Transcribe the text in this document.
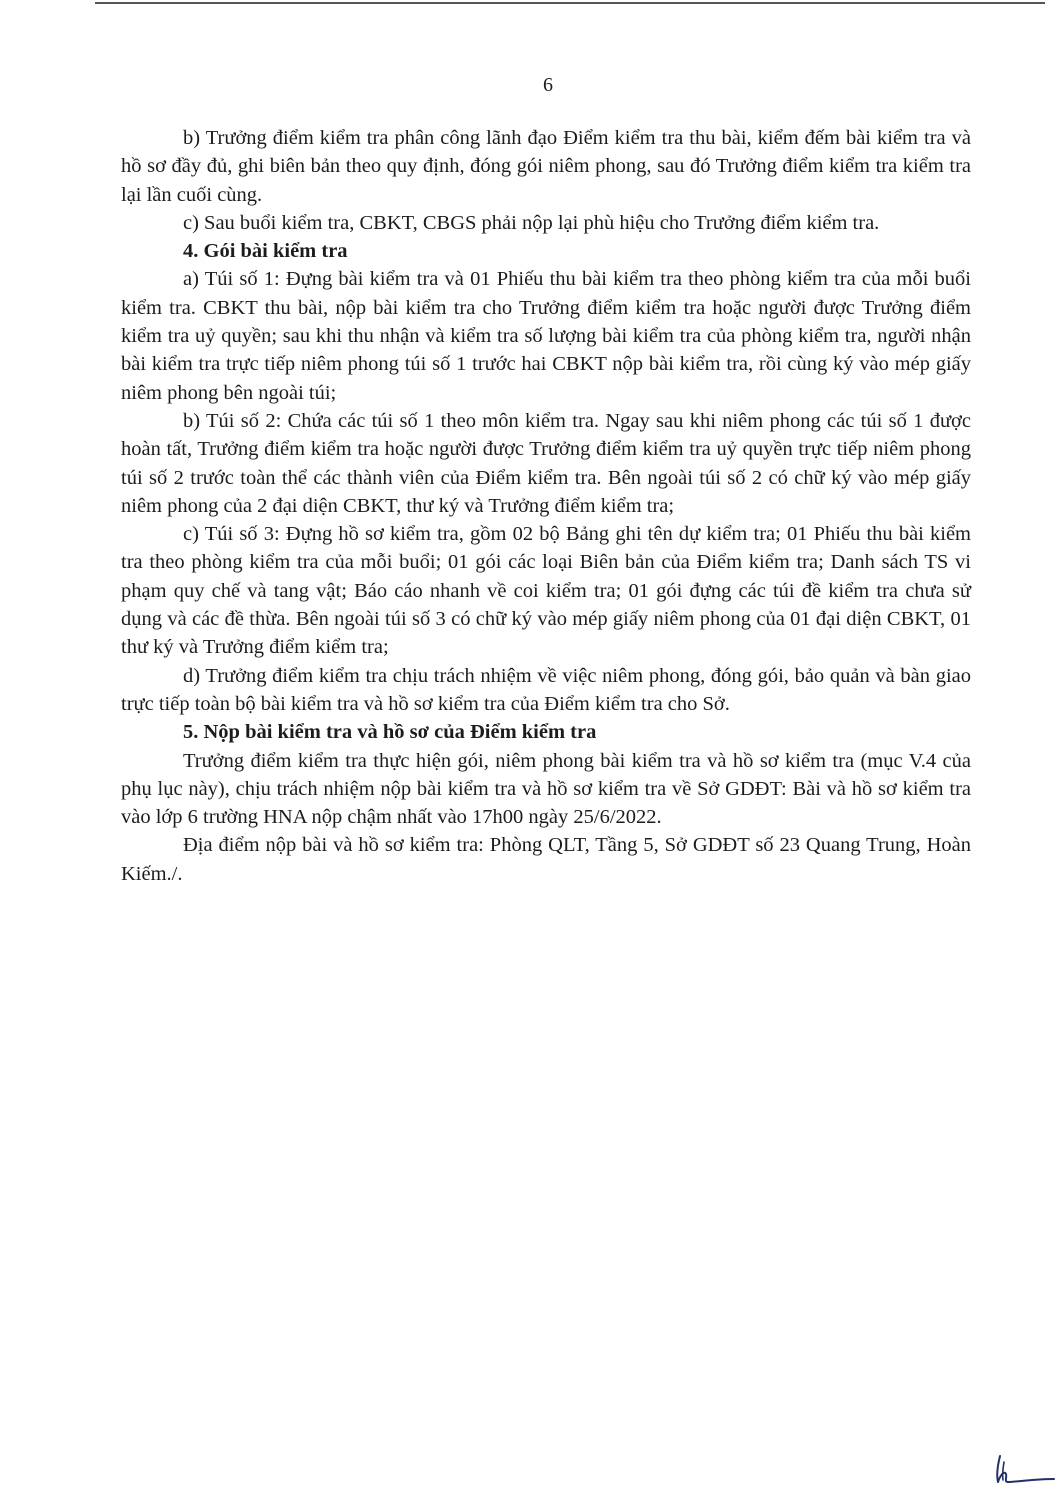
6

b) Trưởng điểm kiểm tra phân công lãnh đạo Điểm kiểm tra thu bài, kiểm đếm bài kiểm tra và hồ sơ đầy đủ, ghi biên bản theo quy định, đóng gói niêm phong, sau đó Trưởng điểm kiểm tra kiểm tra lại lần cuối cùng.

c) Sau buổi kiểm tra, CBKT, CBGS phải nộp lại phù hiệu cho Trưởng điểm kiểm tra.

4. Gói bài kiểm tra

a) Túi số 1: Đựng bài kiểm tra và 01 Phiếu thu bài kiểm tra theo phòng kiểm tra của mỗi buổi kiểm tra. CBKT thu bài, nộp bài kiểm tra cho Trưởng điểm kiểm tra hoặc người được Trưởng điểm kiểm tra uỷ quyền; sau khi thu nhận và kiểm tra số lượng bài kiểm tra của phòng kiểm tra, người nhận bài kiểm tra trực tiếp niêm phong túi số 1 trước hai CBKT nộp bài kiểm tra, rồi cùng ký vào mép giấy niêm phong bên ngoài túi;

b) Túi số 2: Chứa các túi số 1 theo môn kiểm tra. Ngay sau khi niêm phong các túi số 1 được hoàn tất, Trưởng điểm kiểm tra hoặc người được Trưởng điểm kiểm tra uỷ quyền trực tiếp niêm phong túi số 2 trước toàn thể các thành viên của Điểm kiểm tra. Bên ngoài túi số 2 có chữ ký vào mép giấy niêm phong của 2 đại diện CBKT, thư ký và Trưởng điểm kiểm tra;

c) Túi số 3: Đựng hồ sơ kiểm tra, gồm 02 bộ Bảng ghi tên dự kiểm tra; 01 Phiếu thu bài kiểm tra theo phòng kiểm tra của mỗi buổi; 01 gói các loại Biên bản của Điểm kiểm tra; Danh sách TS vi phạm quy chế và tang vật; Báo cáo nhanh về coi kiểm tra; 01 gói đựng các túi đề kiểm tra chưa sử dụng và các đề thừa. Bên ngoài túi số 3 có chữ ký vào mép giấy niêm phong của 01 đại diện CBKT, 01 thư ký và Trưởng điểm kiểm tra;

d) Trưởng điểm kiểm tra chịu trách nhiệm về việc niêm phong, đóng gói, bảo quản và bàn giao trực tiếp toàn bộ bài kiểm tra và hồ sơ kiểm tra của Điểm kiểm tra cho Sở.

5. Nộp bài kiểm tra và hồ sơ của Điểm kiểm tra

Trưởng điểm kiểm tra thực hiện gói, niêm phong bài kiểm tra và hồ sơ kiểm tra (mục V.4 của phụ lục này), chịu trách nhiệm nộp bài kiểm tra và hồ sơ kiểm tra về Sở GDĐT: Bài và hồ sơ kiểm tra vào lớp 6 trường HNA nộp chậm nhất vào 17h00 ngày 25/6/2022.

Địa điểm nộp bài và hồ sơ kiểm tra: Phòng QLT, Tầng 5, Sở GDĐT số 23 Quang Trung, Hoàn Kiếm./.
